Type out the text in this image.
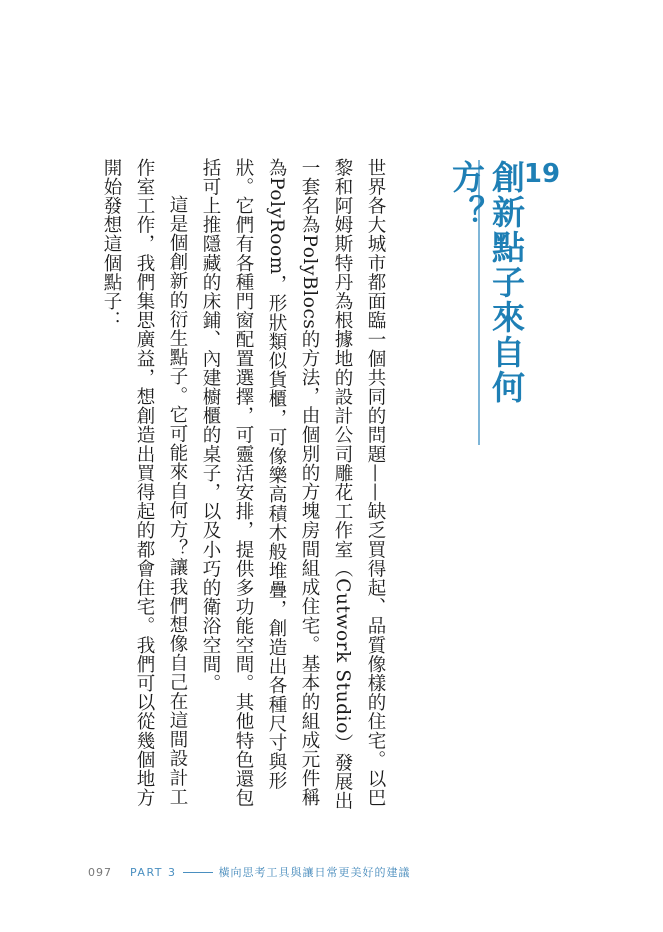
創新點子來自何方？	19

世界各大城市都面臨一個共同的問題——缺乏買得起、品質像樣的住宅。以巴黎和阿姆斯特丹為根據地的設計公司雕花工作室（Cutwork Studio）發展出一套名為PolyBlocs的方法，由個別的方塊房間組成住宅。基本的組成元件稱為PolyRoom，形狀類似貨櫃，可像樂高積木般堆疊，創造出各種尺寸與形狀。它們有各種門窗配置選擇，可靈活安排，提供多功能空間。其他特色還包括可上推隱藏的床鋪、內建櫥櫃的桌子，以及小巧的衛浴空間。

這是個創新的衍生點子。它可能來自何方？讓我們想像自己在這間設計工作室工作，我們集思廣益，想創造出買得起的都會住宅。我們可以從幾個地方開始發想這個點子：

097 PART 3	橫向思考工具與讓日常更美好的建議
